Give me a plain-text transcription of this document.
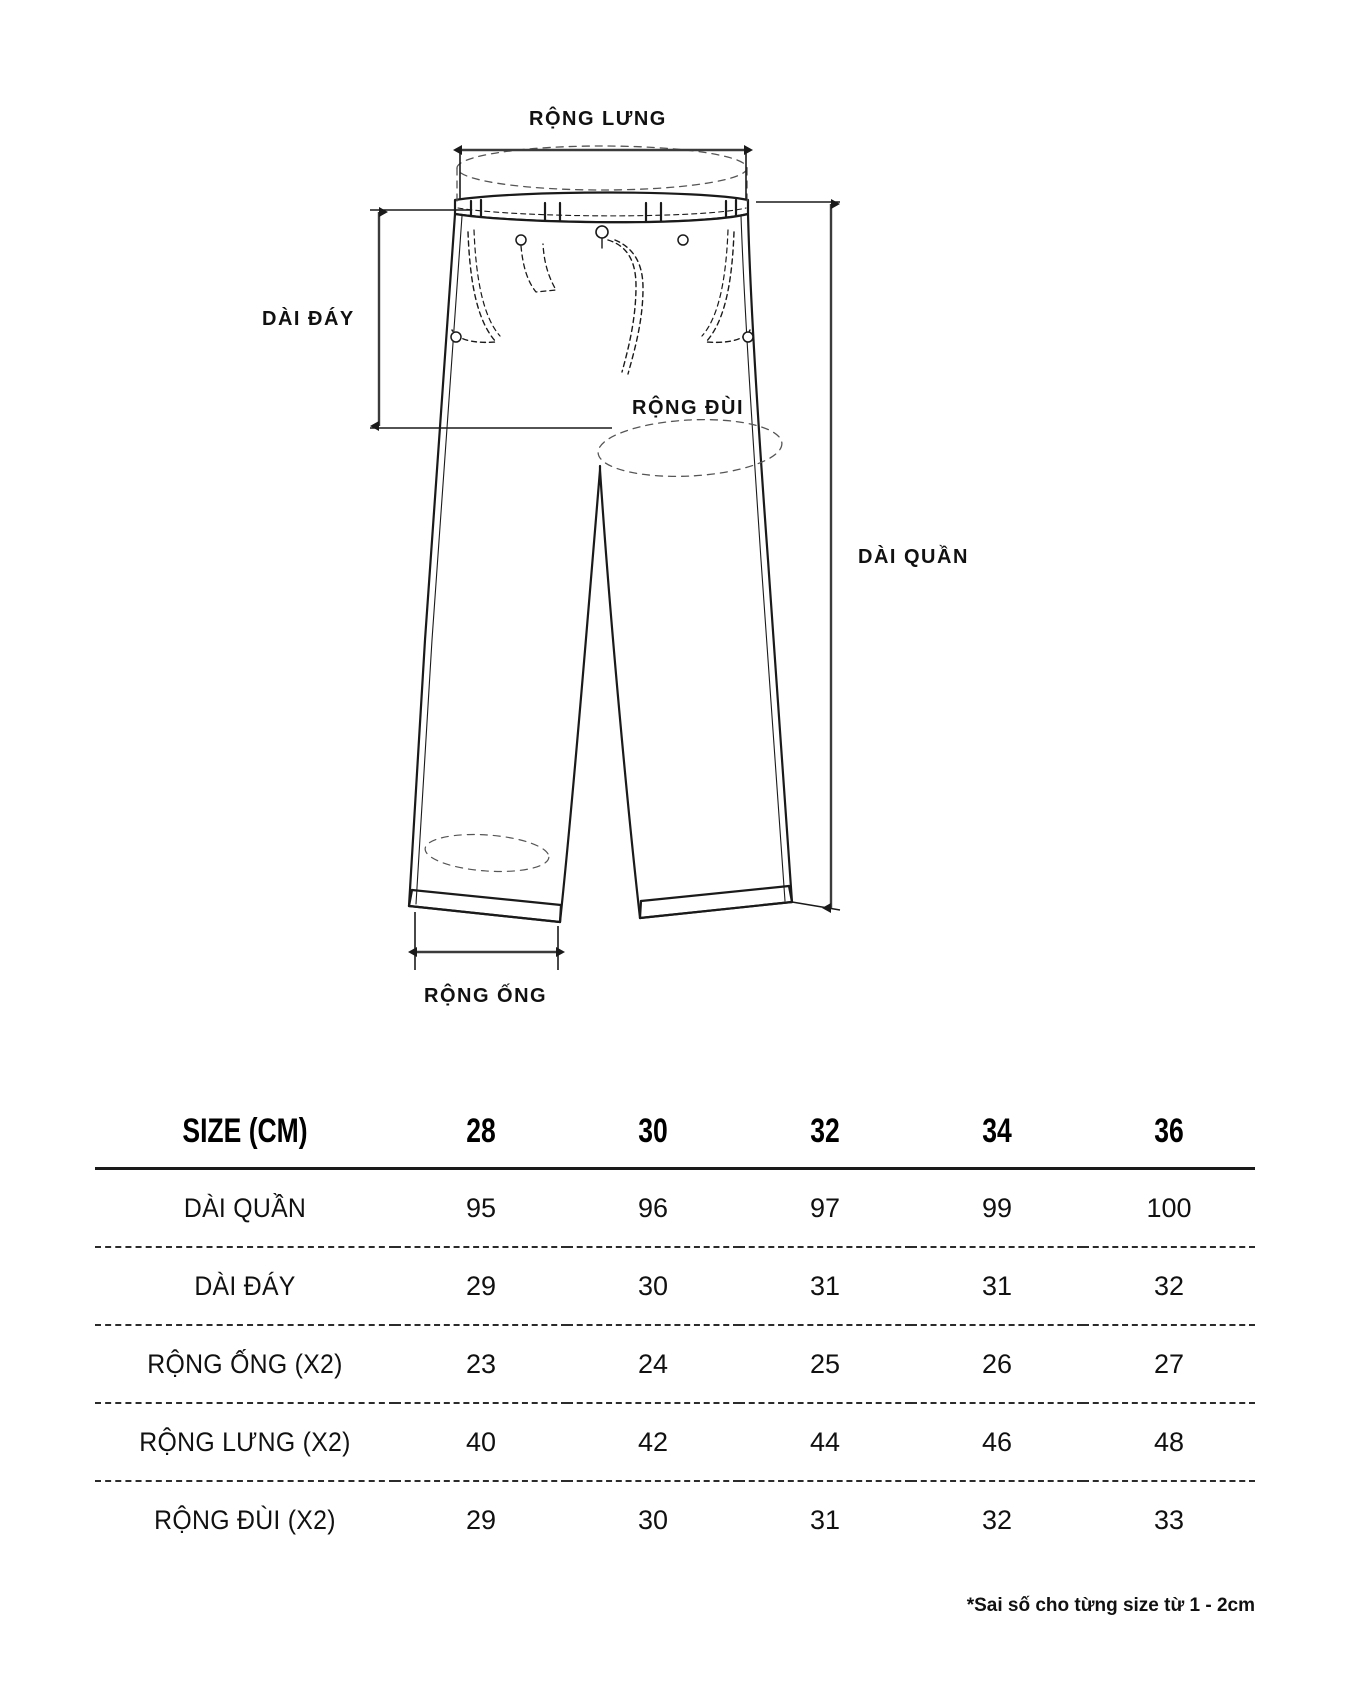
RỘNG LƯNG
DÀI ĐÁY
RỘNG ĐÙI
DÀI QUẦN
RỘNG ỐNG
SIZE (CM)	28	30	32	34	36
DÀI QUẦN	95	96	97	99	100
DÀI ĐÁY	29	30	31	31	32
RỘNG ỐNG (X2)	23	24	25	26	27
RỘNG LƯNG (X2)	40	42	44	46	48
RỘNG ĐÙI (X2)	29	30	31	32	33
*Sai số cho từng size từ 1 - 2cm
